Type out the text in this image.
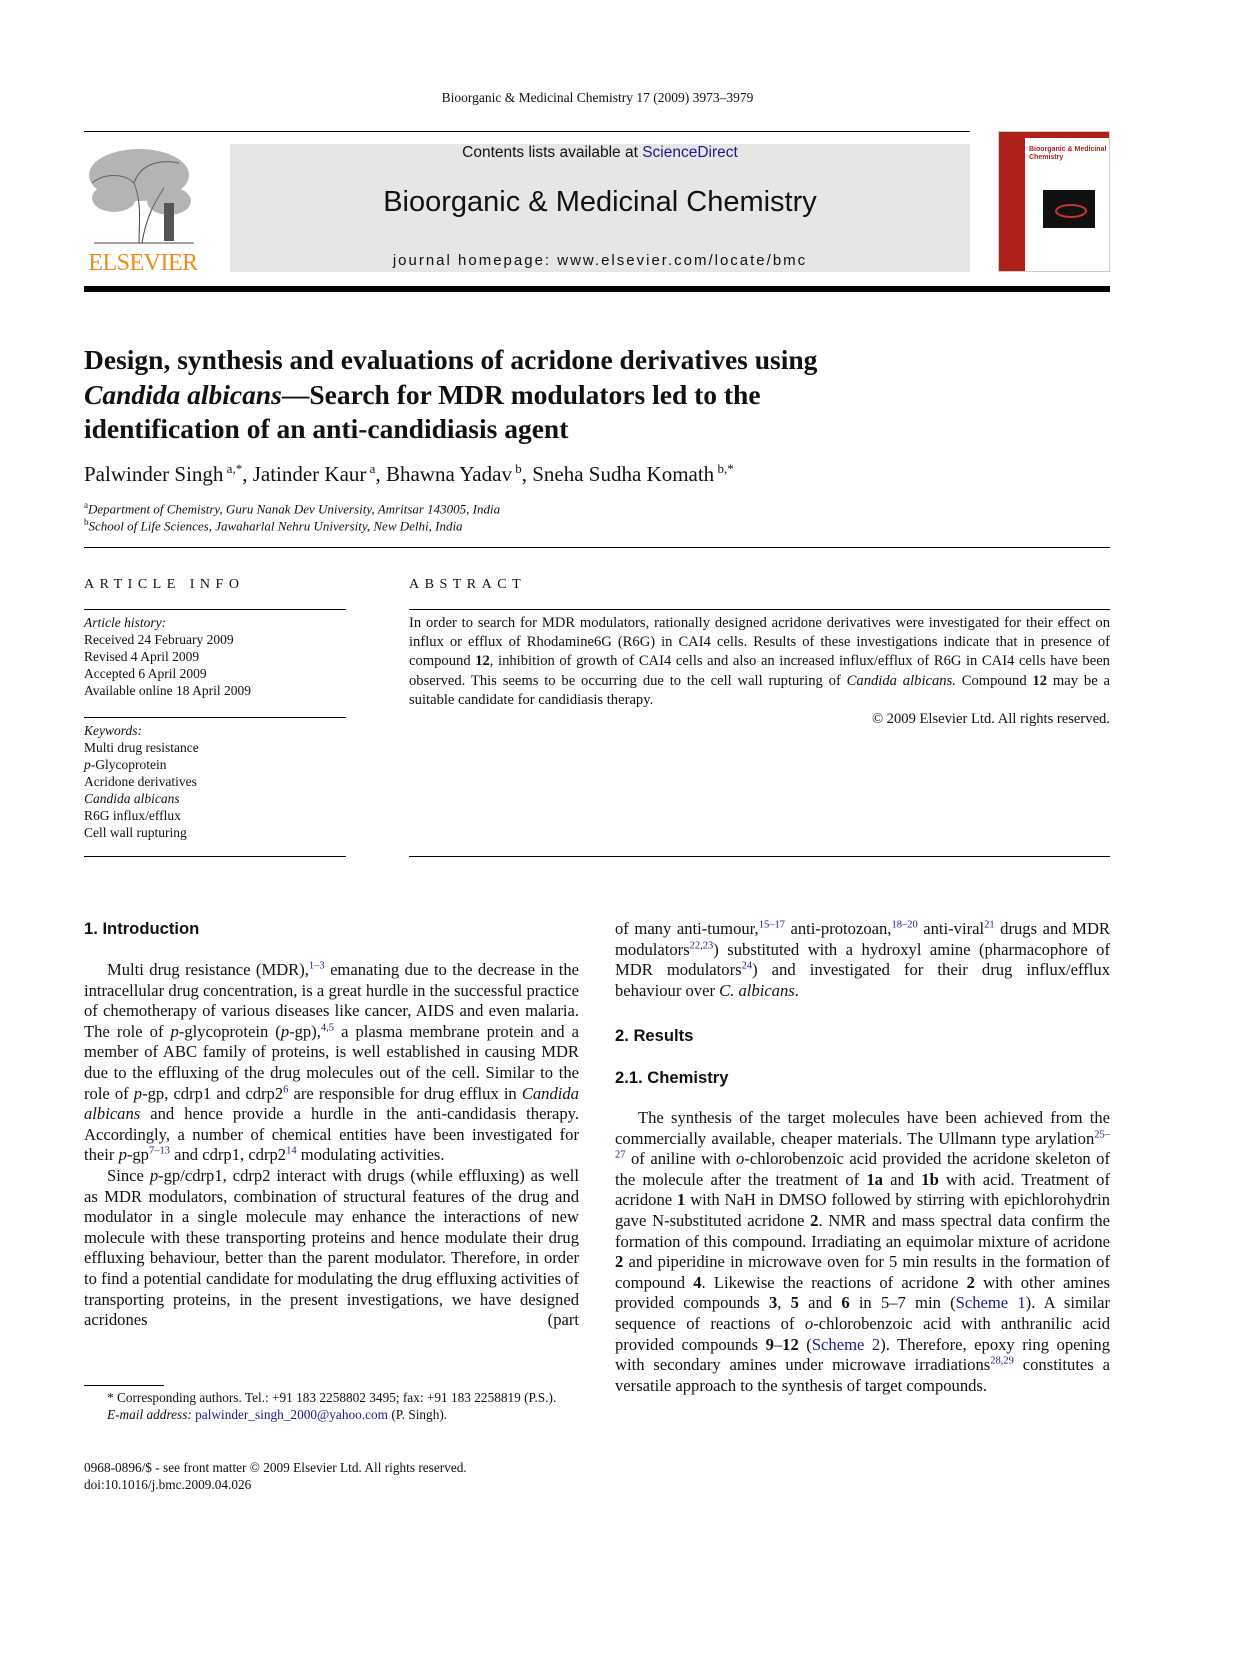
Bioorganic & Medicinal Chemistry 17 (2009) 3973–3979
ELSEVIER
Contents lists available at ScienceDirect
Bioorganic & Medicinal Chemistry
journal homepage: www.elsevier.com/locate/bmc
Bioorganic & Medicinal Chemistry
Design, synthesis and evaluations of acridone derivatives using
Candida albicans—Search for MDR modulators led to the
identification of an anti-candidiasis agent
Palwinder Singh $^{a,*}$, Jatinder Kaur $^a$, Bhawna Yadav $^b$, Sneha Sudha Komath $^{b,*}$
$^a$Department of Chemistry, Guru Nanak Dev University, Amritsar 143005, India
$^b$School of Life Sciences, Jawaharlal Nehru University, New Delhi, India
ARTICLE INFO
Article history:
Received 24 February 2009
Revised 4 April 2009
Accepted 6 April 2009
Available online 18 April 2009
Keywords:
Multi drug resistance
p-Glycoprotein
Acridone derivatives
Candida albicans
R6G influx/efflux
Cell wall rupturing
ABSTRACT
In order to search for MDR modulators, rationally designed acridone derivatives were investigated for their effect on influx or efflux of Rhodamine6G (R6G) in CAI4 cells. Results of these investigations indicate that in presence of compound 12, inhibition of growth of CAI4 cells and also an increased influx/efflux of R6G in CAI4 cells have been observed. This seems to be occurring due to the cell wall rupturing of Candida albicans. Compound 12 may be a suitable candidate for candidiasis therapy.
© 2009 Elsevier Ltd. All rights reserved.
1. Introduction

Multi drug resistance (MDR),$^{1-3}$ emanating due to the decrease in the intracellular drug concentration, is a great hurdle in the successful practice of chemotherapy of various diseases like cancer, AIDS and even malaria. The role of p-glycoprotein (p-gp),$^{4,5}$ a plasma membrane protein and a member of ABC family of proteins, is well established in causing MDR due to the effluxing of the drug molecules out of the cell. Similar to the role of p-gp, cdrp1 and $cdrp2^6$ are responsible for drug efflux in Candida albicans and hence provide a hurdle in the anti-candidasis therapy. Accordingly, a number of chemical entities have been investigated for their $p-gp^{7-13}$ and cdrp1, $cdrp2^{14}$ modulating activities.

Since p-gp/cdrp1, cdrp2 interact with drugs (while effluxing) as well as MDR modulators, combination of structural features of the drug and modulator in a single molecule may enhance the interactions of new molecule with these transporting proteins and hence modulate their drug effluxing behaviour, better than the parent modulator. Therefore, in order to find a potential candidate for modulating the drug effluxing activities of transporting proteins, in the present investigations, we have designed acridones (part

* Corresponding authors. Tel.: +91 183 2258802 3495; fax: +91 183 2258819 (P.S.).
E-mail address: palwinder_singh_2000@yahoo.com (P. Singh).
0968-0896/$ - see front matter © 2009 Elsevier Ltd. All rights reserved.
doi:10.1016/j.bmc.2009.04.026

of many anti-tumour,$^{15-17}$ anti-protozoan,$^{18-20}$ anti-viral$^{21}$ drugs and MDR modulators$^{22,23}$) substituted with a hydroxyl amine (pharmacophore of MDR modulators$^{24}$) and investigated for their drug influx/efflux behaviour over C. albicans.

2. Results
2.1. Chemistry

The synthesis of the target molecules have been achieved from the commercially available, cheaper materials. The Ullmann type arylation$^{25-27}$ of aniline with o-chlorobenzoic acid provided the acridone skeleton of the molecule after the treatment of 1a and 1b with acid. Treatment of acridone 1 with NaH in DMSO followed by stirring with epichlorohydrin gave N-substituted acridone 2. NMR and mass spectral data confirm the formation of this compound. Irradiating an equimolar mixture of acridone 2 and piperidine in microwave oven for 5 min results in the formation of compound 4. Likewise the reactions of acridone 2 with other amines provided compounds 3, 5 and 6 in 5–7 min (Scheme 1). A similar sequence of reactions of o-chlorobenzoic acid with anthranilic acid provided compounds 9–12 (Scheme 2). Therefore, epoxy ring opening with secondary amines under microwave irradiations$^{28,29}$ constitutes a versatile approach to the synthesis of target compounds.
